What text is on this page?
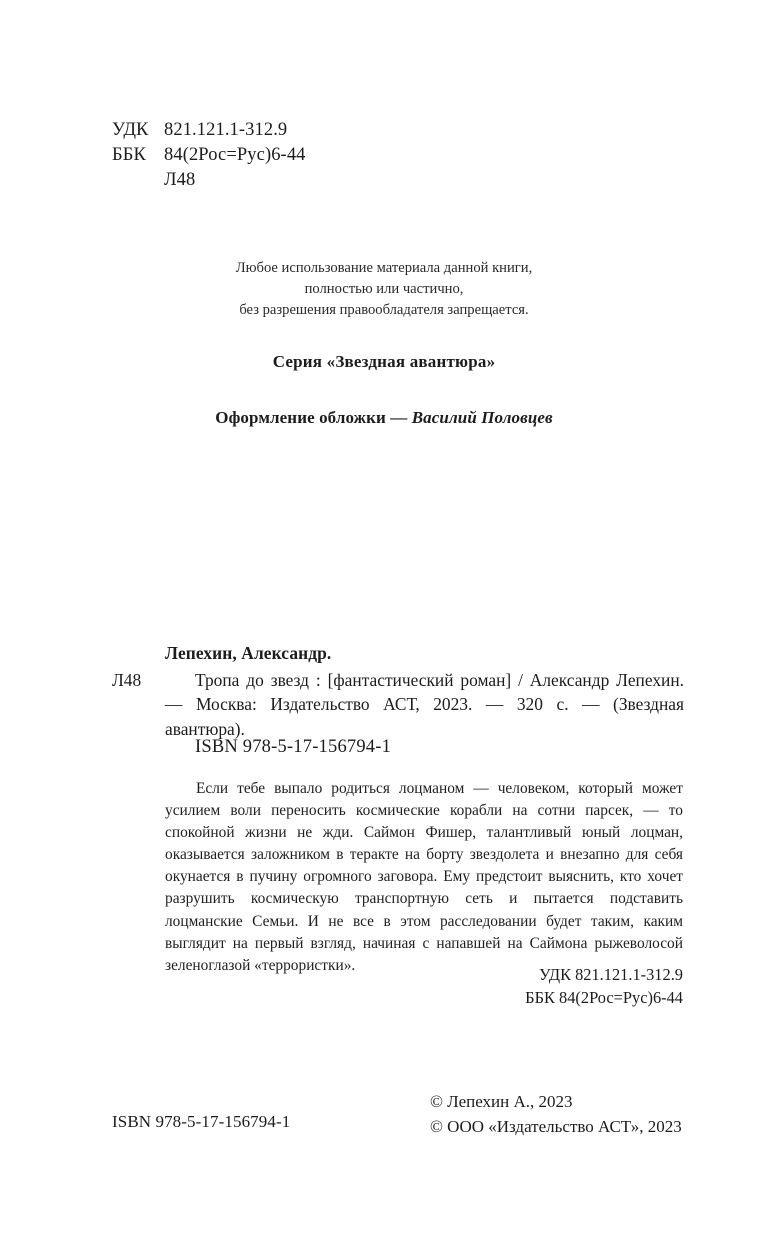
УДК 821.121.1-312.9
ББК 84(2Рос=Рус)6-44
Л48
Любое использование материала данной книги,
полностью или частично,
без разрешения правообладателя запрещается.
Серия «Звездная авантюра»
Оформление обложки — Василий Половцев
Лепехин, Александр.
Л48	Тропа до звезд : [фантастический роман] / Александр Лепехин. — Москва: Издательство АСТ, 2023. — 320 с. — (Звездная авантюра).
ISBN 978-5-17-156794-1
Если тебе выпало родиться лоцманом — человеком, который может усилием воли переносить космические корабли на сотни парсек, — то спокойной жизни не жди. Саймон Фишер, талантливый юный лоцман, оказывается заложником в теракте на борту звездолета и внезапно для себя окунается в пучину огромного заговора. Ему предстоит выяснить, кто хочет разрушить космическую транспортную сеть и пытается подставить лоцманские Семьи. И не все в этом расследовании будет таким, каким выглядит на первый взгляд, начиная с напавшей на Саймона рыжеволосой зеленоглазой «террористки».	УДК 821.121.1-312.9
ББК 84(2Рос=Рус)6-44
ISBN 978-5-17-156794-1
© Лепехин А., 2023
© ООО «Издательство АСТ», 2023
